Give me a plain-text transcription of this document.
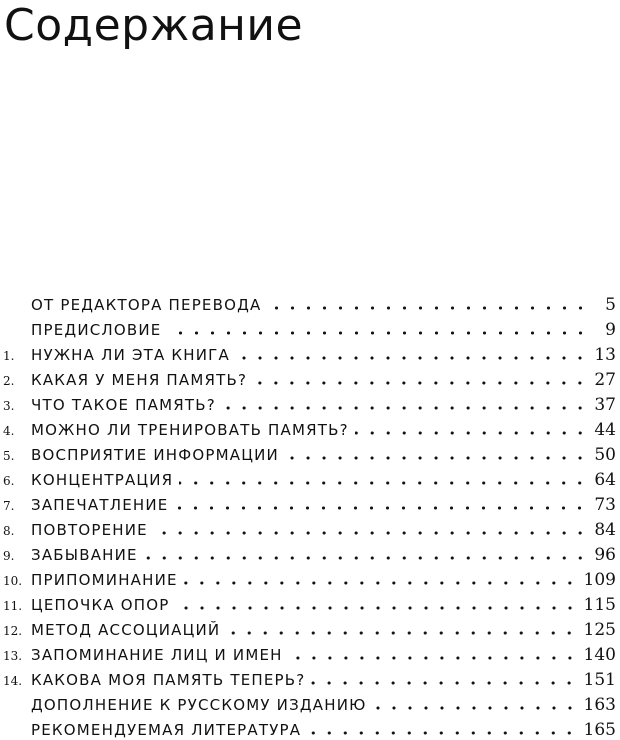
Содержание
ОТ РЕДАКТОРА ПЕРЕВОДА	5
ПРЕДИСЛОВИЕ	9
1. НУЖНА ЛИ ЭТА КНИГА	13
2. КАКАЯ У МЕНЯ ПАМЯТЬ?	27
3. ЧТО ТАКОЕ ПАМЯТЬ?	37
4. МОЖНО ЛИ ТРЕНИРОВАТЬ ПАМЯТЬ?	44
5. ВОСПРИЯТИЕ ИНФОРМАЦИИ	50
6. КОНЦЕНТРАЦИЯ	64
7. ЗАПЕЧАТЛЕНИЕ	73
8. ПОВТОРЕНИЕ	84
9. ЗАБЫВАНИЕ	96
10. ПРИПОМИНАНИЕ	109
11. ЦЕПОЧКА ОПОР	115
12. МЕТОД АССОЦИАЦИЙ	125
13. ЗАПОМИНАНИЕ ЛИЦ И ИМЕН	140
14. КАКОВА МОЯ ПАМЯТЬ ТЕПЕРЬ?	151
ДОПОЛНЕНИЕ К РУССКОМУ ИЗДАНИЮ	163
РЕКОМЕНДУЕМАЯ ЛИТЕРАТУРА	165
